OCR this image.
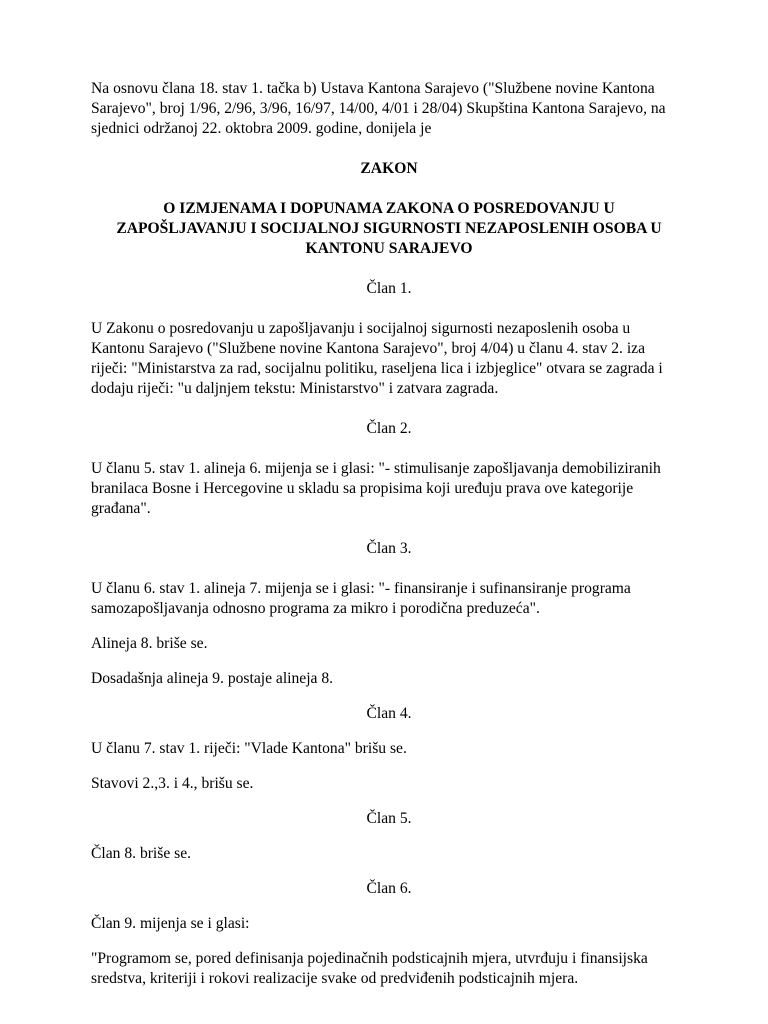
Na osnovu člana 18. stav 1. tačka b) Ustava Kantona Sarajevo ("Službene novine Kantona
Sarajevo", broj 1/96, 2/96, 3/96, 16/97, 14/00, 4/01 i 28/04) Skupština Kantona Sarajevo, na
sjednici održanoj 22. oktobra 2009. godine, donijela je

ZAKON

O IZMJENAMA I DOPUNAMA ZAKONA O POSREDOVANJU U
ZAPOŠLJAVANJU I SOCIJALNOJ SIGURNOSTI NEZAPOSLENIH OSOBA U
KANTONU SARAJEVO

Član 1.

U Zakonu o posredovanju u zapošljavanju i socijalnoj sigurnosti nezaposlenih osoba u
Kantonu Sarajevo ("Službene novine Kantona Sarajevo", broj 4/04) u članu 4. stav 2. iza
riječi: "Ministarstva za rad, socijalnu politiku, raseljena lica i izbjeglice" otvara se zagrada i
dodaju riječi: "u daljnjem tekstu: Ministarstvo" i zatvara zagrada.

Član 2.

U članu 5. stav 1. alineja 6. mijenja se i glasi: "- stimulisanje zapošljavanja demobiliziranih
branilaca Bosne i Hercegovine u skladu sa propisima koji uređuju prava ove kategorije
građana".

Član 3.

U članu 6. stav 1. alineja 7. mijenja se i glasi: "- finansiranje i sufinansiranje programa
samozapošljavanja odnosno programa za mikro i porodična preduzeća".

Alineja 8. briše se.

Dosadašnja alineja 9. postaje alineja 8.

Član 4.

U članu 7. stav 1. riječi: "Vlade Kantona" brišu se.

Stavovi 2.,3. i 4., brišu se.

Član 5.

Član 8. briše se.

Član 6.

Član 9. mijenja se i glasi:

"Programom se, pored definisanja pojedinačnih podsticajnih mjera, utvrđuju i finansijska
sredstva, kriteriji i rokovi realizacije svake od predviđenih podsticajnih mjera.
